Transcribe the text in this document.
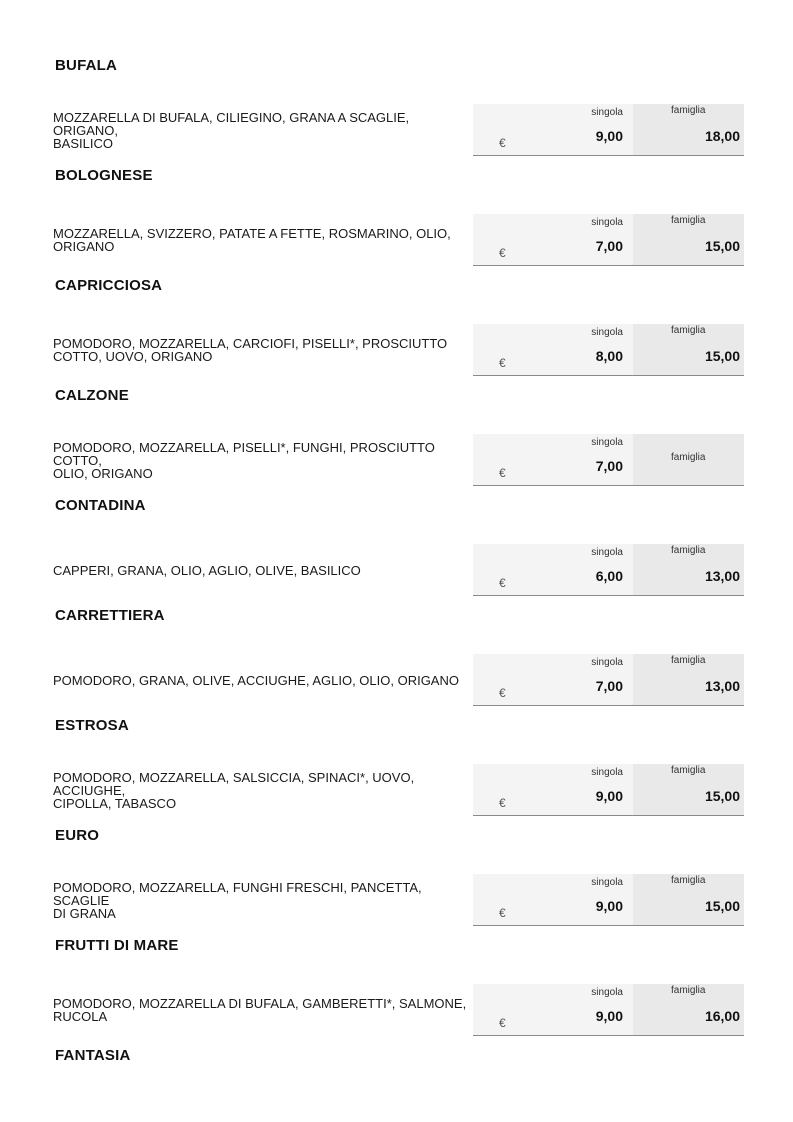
BUFALA
MOZZARELLA DI BUFALA, CILIEGINO, GRANA A SCAGLIE, ORIGANO,
BASILICO	€
singola
9,00
famiglia
18,00
BOLOGNESE
MOZZARELLA, SVIZZERO, PATATE A FETTE, ROSMARINO, OLIO,
ORIGANO	€
singola
7,00
famiglia
15,00
CAPRICCIOSA
POMODORO, MOZZARELLA, CARCIOFI, PISELLI*, PROSCIUTTO
COTTO, UOVO, ORIGANO	€
singola
8,00
famiglia
15,00
CALZONE
POMODORO, MOZZARELLA, PISELLI*, FUNGHI, PROSCIUTTO COTTO,
OLIO, ORIGANO	€
singola
7,00
famiglia
CONTADINA
CAPPERI, GRANA, OLIO, AGLIO, OLIVE, BASILICO
€
singola
6,00
famiglia
13,00
CARRETTIERA
POMODORO, GRANA, OLIVE, ACCIUGHE, AGLIO, OLIO, ORIGANO
€
singola
7,00
famiglia
13,00
ESTROSA
POMODORO, MOZZARELLA, SALSICCIA, SPINACI*, UOVO, ACCIUGHE,
CIPOLLA, TABASCO	€
singola
9,00
famiglia
15,00
EURO
POMODORO, MOZZARELLA, FUNGHI FRESCHI, PANCETTA, SCAGLIE
DI GRANA	€
singola
9,00
famiglia
15,00
FRUTTI DI MARE
POMODORO, MOZZARELLA DI BUFALA, GAMBERETTI*, SALMONE,
RUCOLA	€
singola
9,00
famiglia
16,00
FANTASIA
